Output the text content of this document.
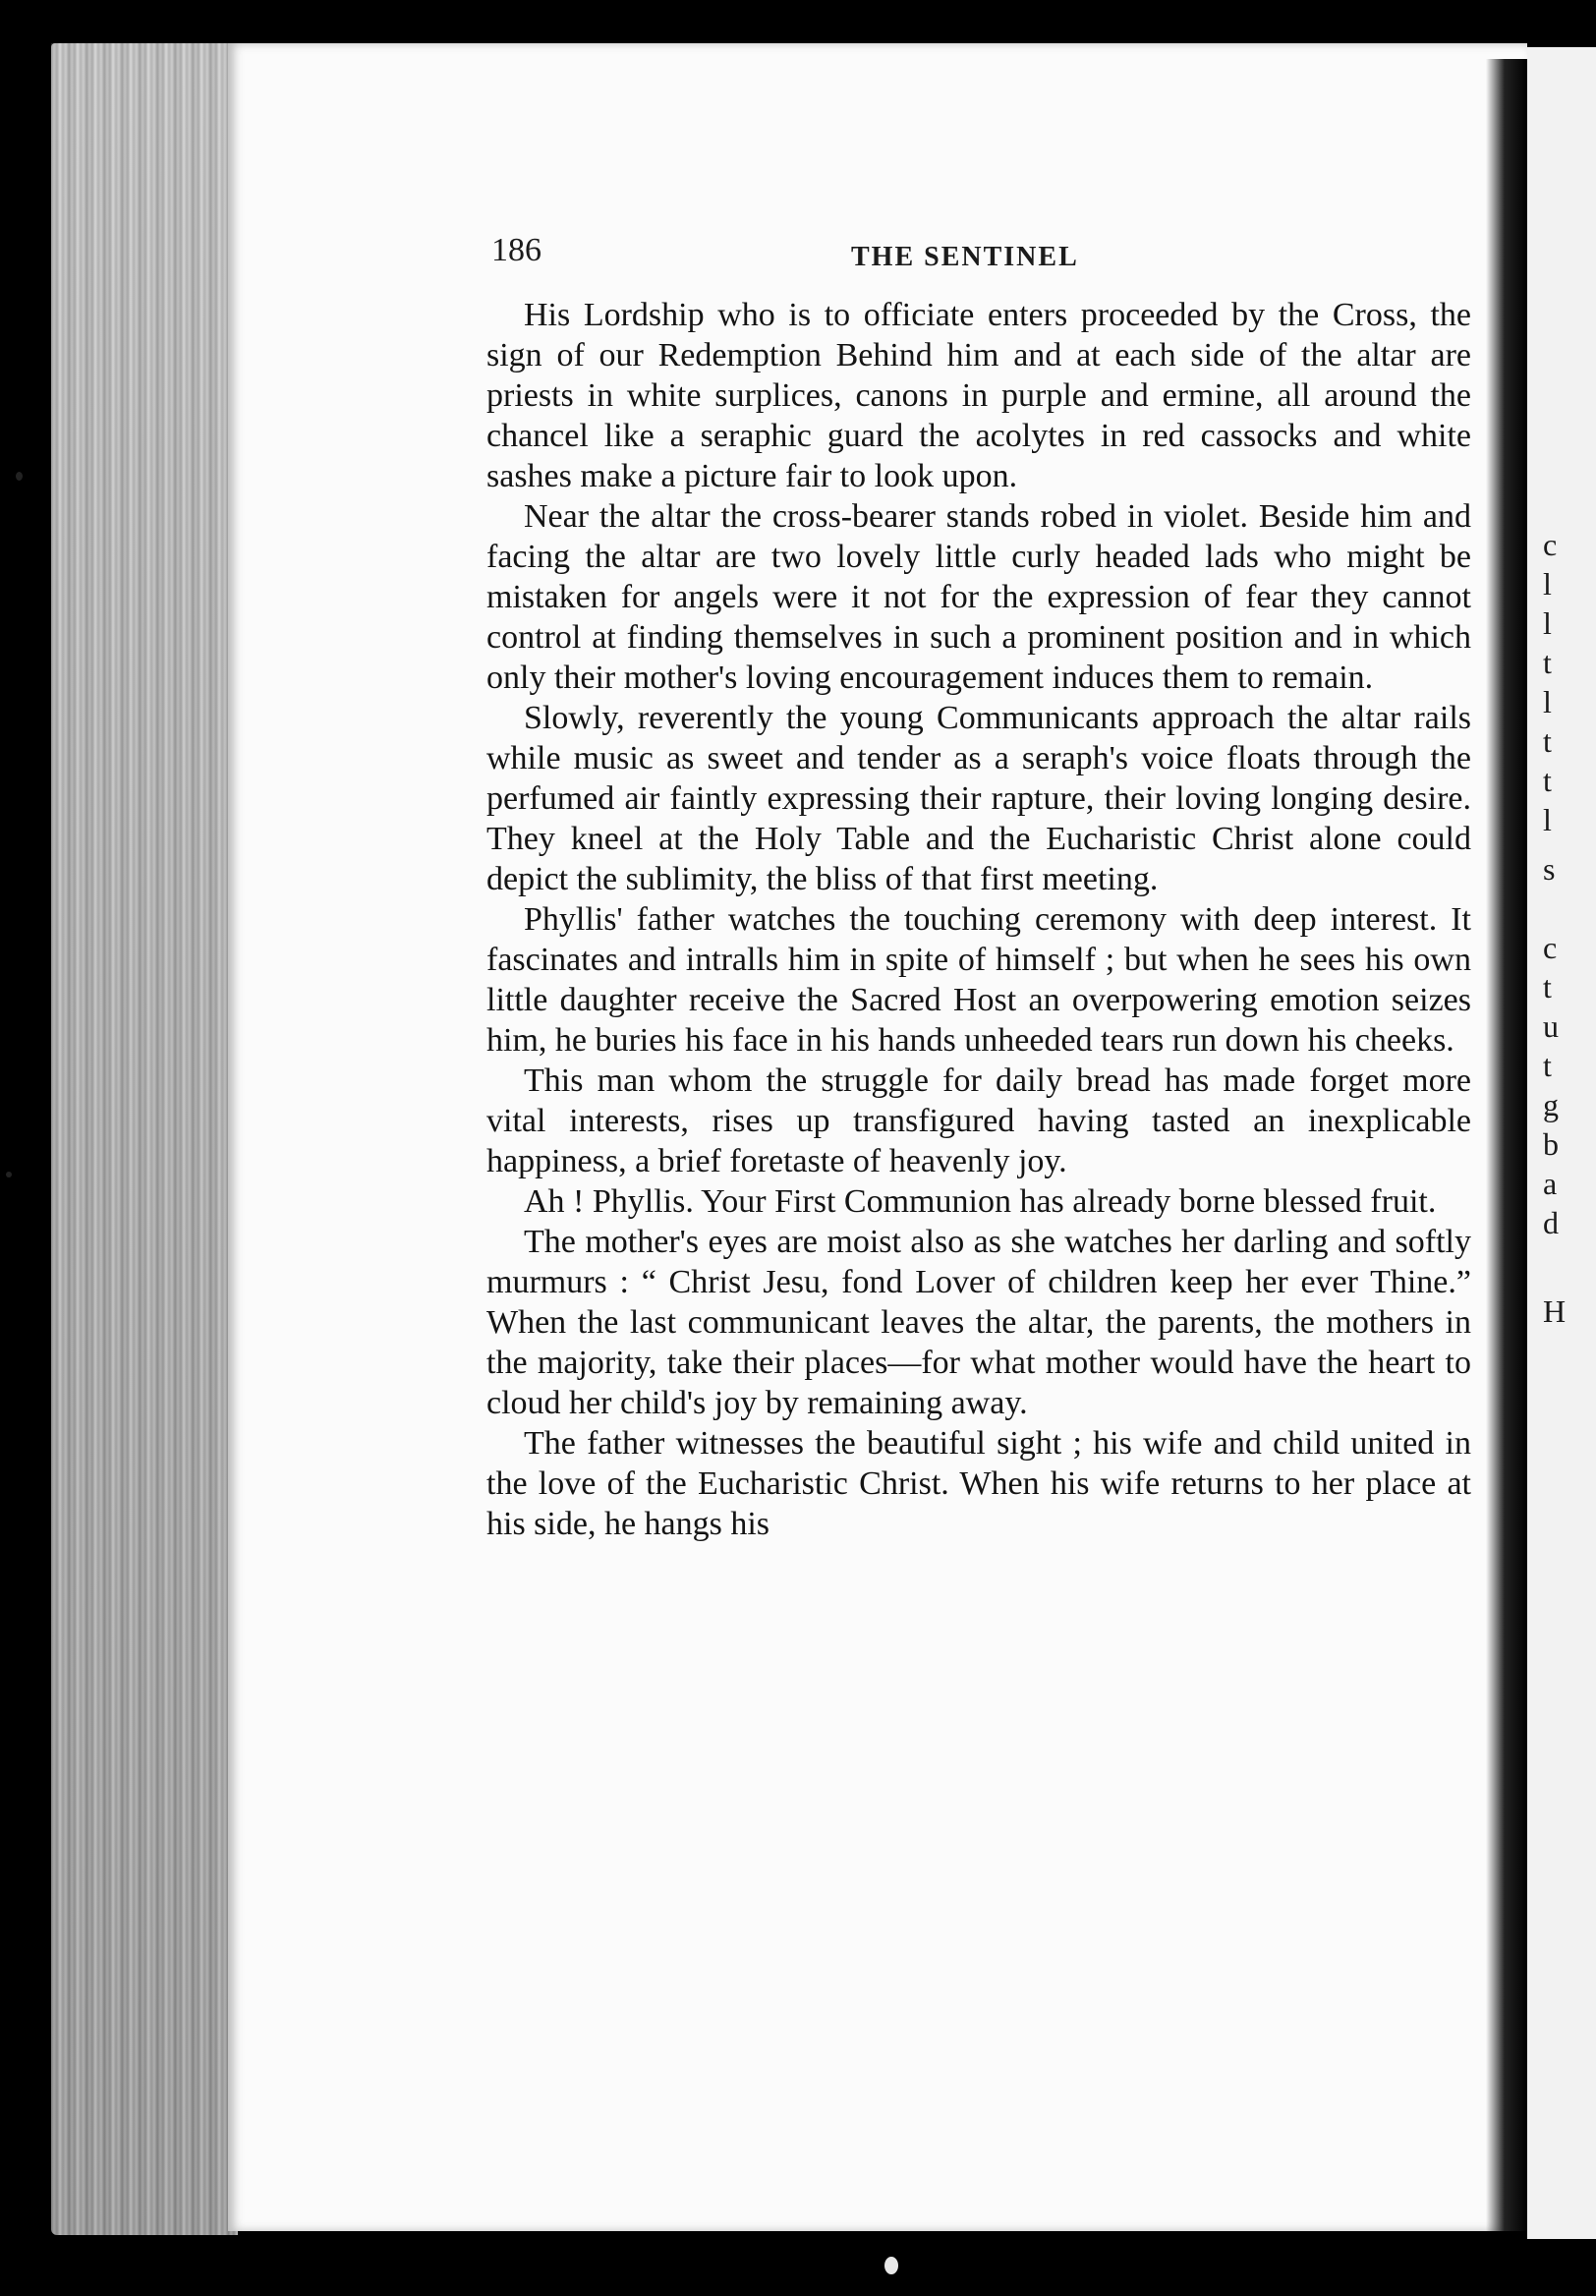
186	THE SENTINEL

His Lordship who is to officiate enters proceeded by the Cross, the sign of our Redemption Behind him and at each side of the altar are priests in white surplices, canons in purple and ermine, all around the chancel like a seraphic guard the acolytes in red cassocks and white sashes make a picture fair to look upon.

Near the altar the cross-bearer stands robed in violet. Beside him and facing the altar are two lovely little curly headed lads who might be mistaken for angels were it not for the expression of fear they cannot control at finding themselves in such a prominent position and in which only their mother's loving encouragement induces them to remain.

Slowly, reverently the young Communicants approach the altar rails while music as sweet and tender as a seraph's voice floats through the perfumed air faintly expressing their rapture, their loving longing desire. They kneel at the Holy Table and the Eucharistic Christ alone could depict the sublimity, the bliss of that first meeting.

Phyllis' father watches the touching ceremony with deep interest. It fascinates and intralls him in spite of himself ; but when he sees his own little daughter receive the Sacred Host an overpowering emotion seizes him, he buries his face in his hands unheeded tears run down his cheeks.

This man whom the struggle for daily bread has made forget more vital interests, rises up transfigured having tasted an inexplicable happiness, a brief foretaste of heavenly joy.

Ah ! Phyllis. Your First Communion has already borne blessed fruit.

The mother's eyes are moist also as she watches her darling and softly murmurs : “ Christ Jesu, fond Lover of children keep her ever Thine.” When the last communicant leaves the altar, the parents, the mothers in the majority, take their places—for what mother would have the heart to cloud her child's joy by remaining away.

The father witnesses the beautiful sight ; his wife and child united in the love of the Eucharistic Christ. When his wife returns to her place at his side, he hangs his

c
l
l
t
l
t
t
l
s
c
t
u
t
g
b
a
d
H
